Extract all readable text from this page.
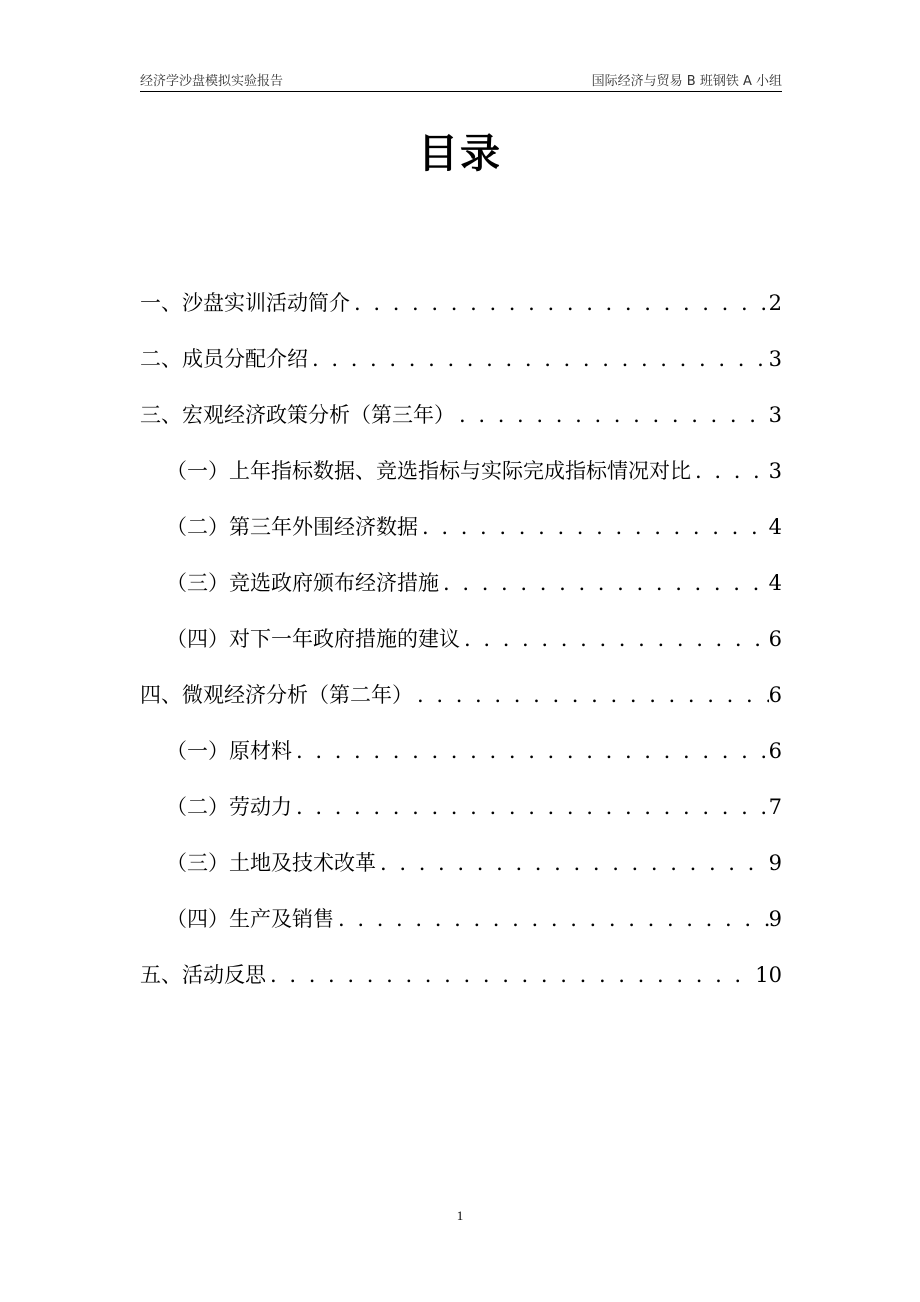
经济学沙盘模拟实验报告	国际经济与贸易 B 班钢铁 A 小组
目录
一、沙盘实训活动简介 . . .	2
二、成员分配介绍 . . .	3
三、宏观经济政策分析（第三年） . . .	3
（一）上年指标数据、竞选指标与实际完成指标情况对比 . . .	3
（二）第三年外围经济数据 . . .	4
（三）竞选政府颁布经济措施 . . .	4
（四）对下一年政府措施的建议 . . .	6
四、微观经济分析（第二年） . . .	6
（一）原材料 . . .	6
（二）劳动力 . . .	7
（三）土地及技术改革 . . .	9
（四）生产及销售 . . .	9
五、活动反思 . . .	10
1
